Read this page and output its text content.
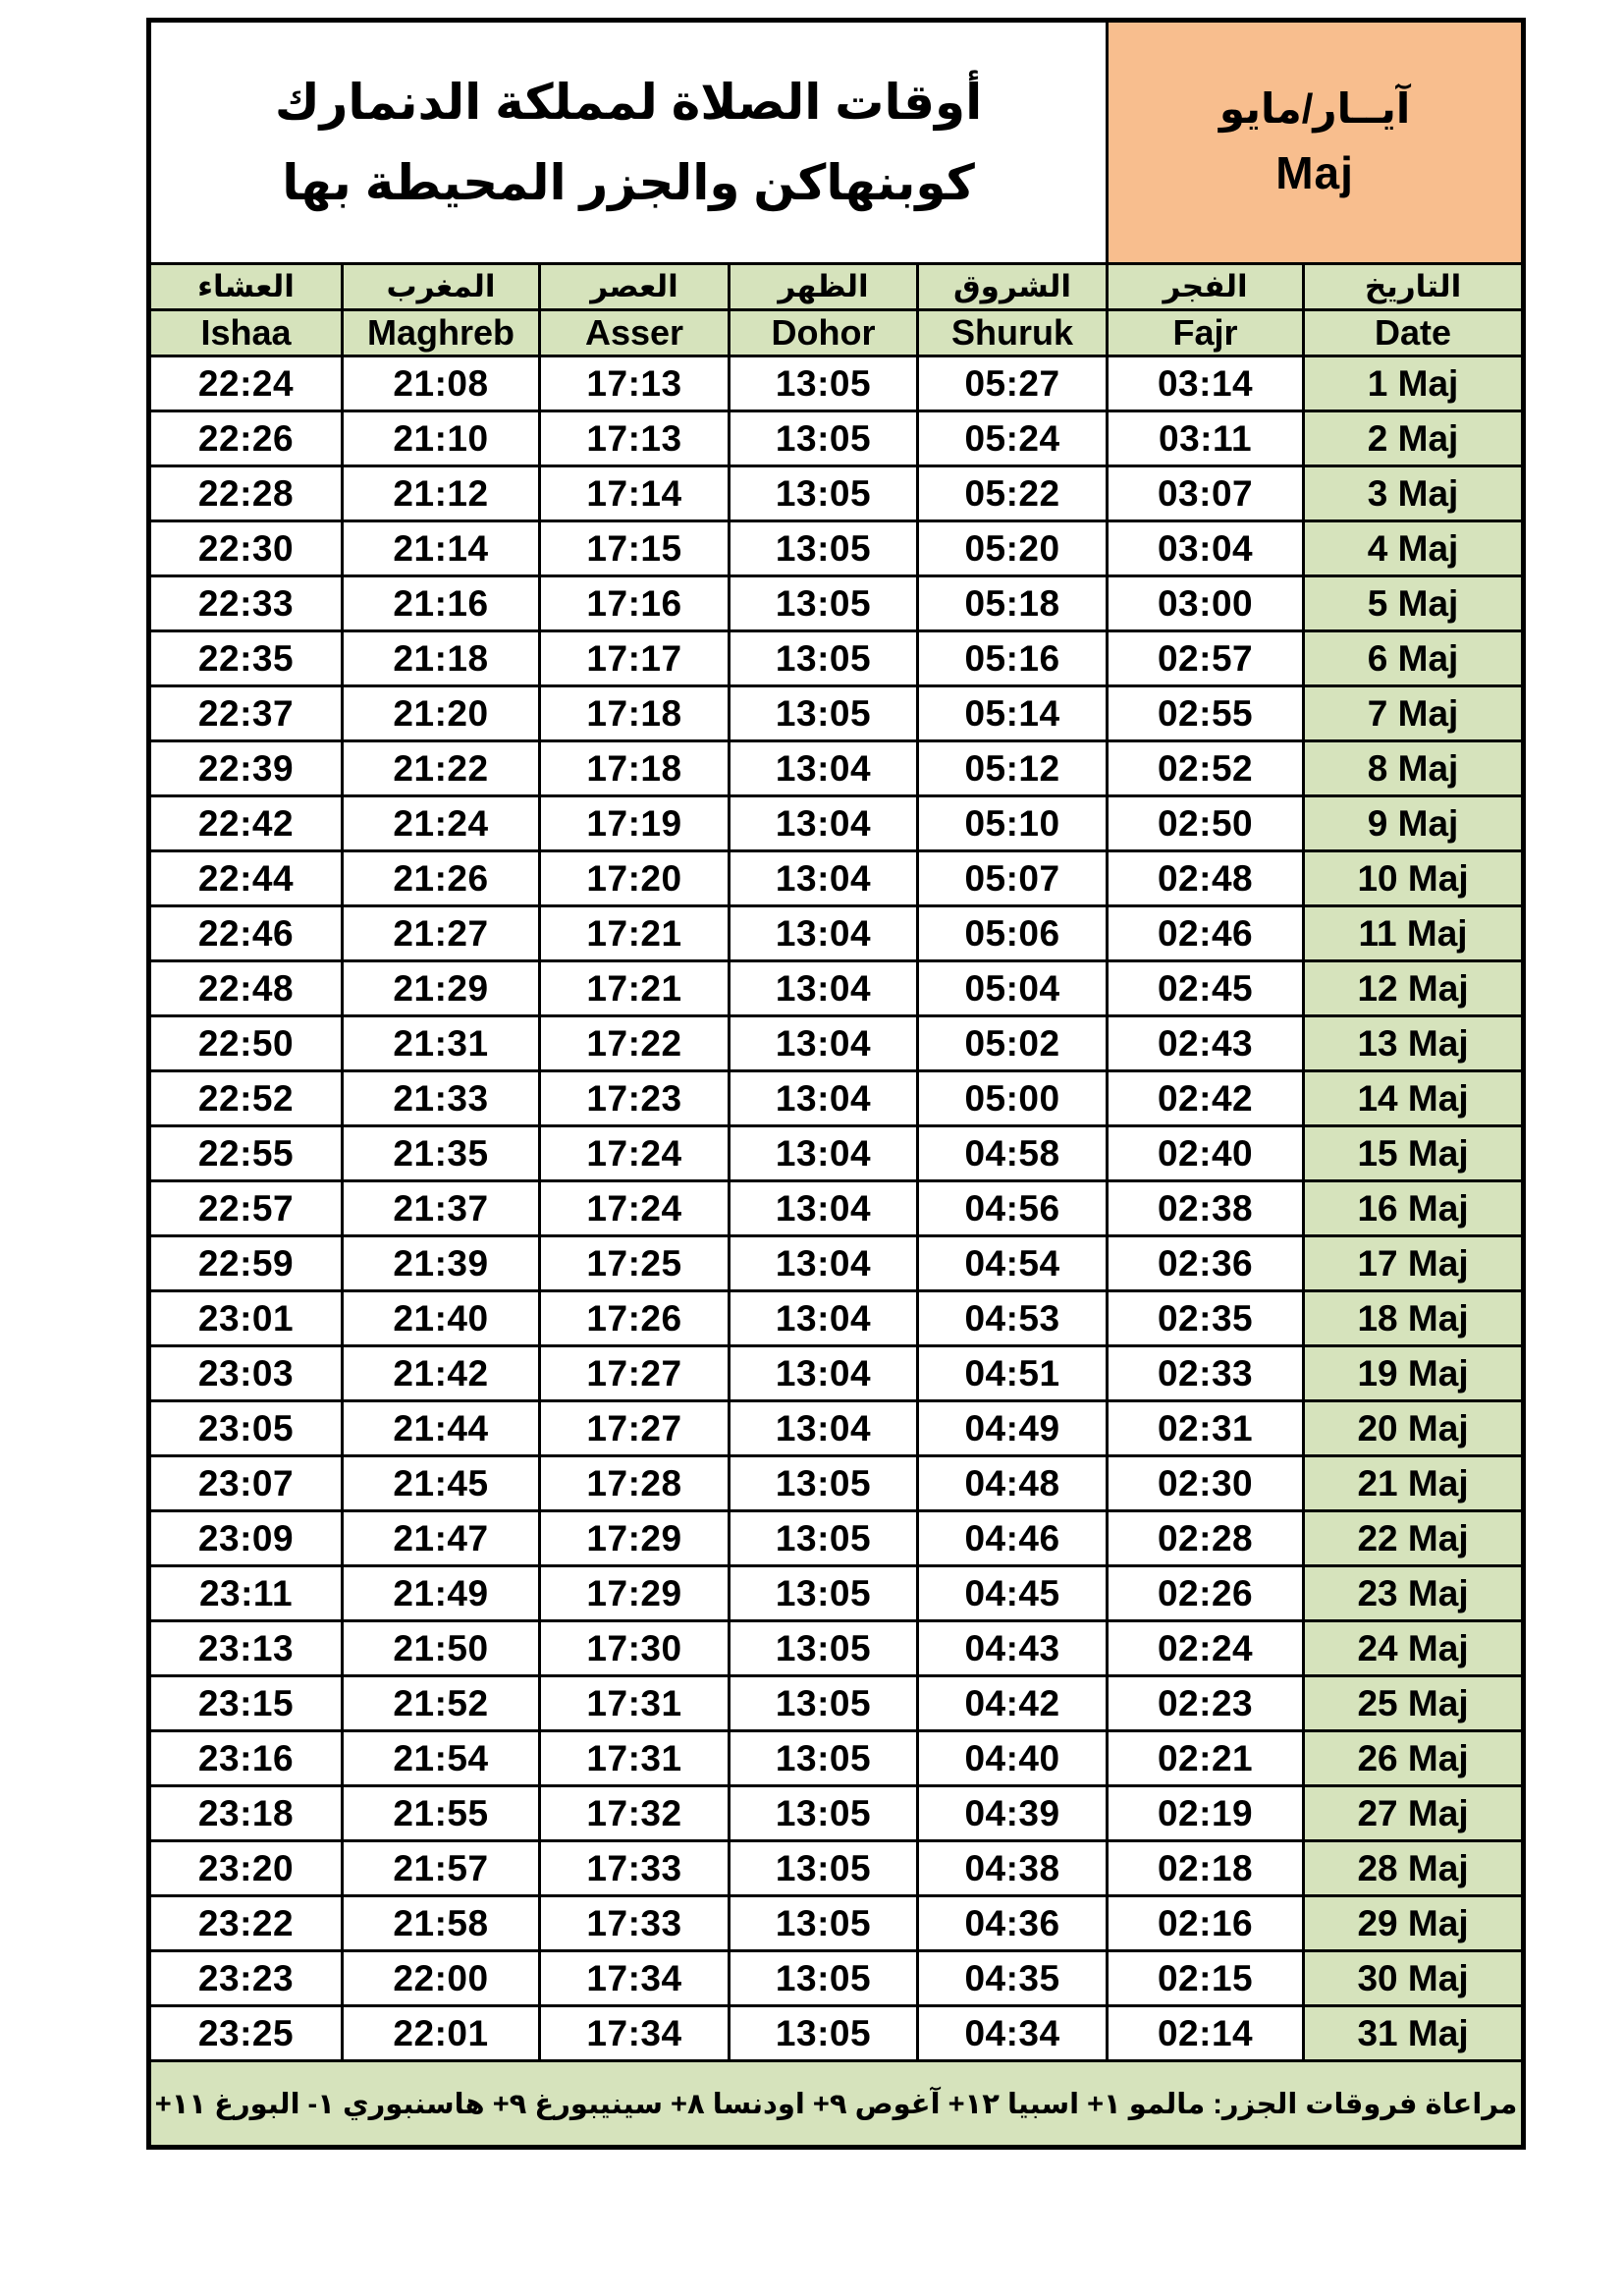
أوقات الصلاة لمملكة الدنمارك
كوبنهاكن والجزر المحيطة بها

آيــار/مايو
Maj

العشاء	المغرب	العصر	الظهر	الشروق	الفجر	التاريخ
Ishaa	Maghreb	Asser	Dohor	Shuruk	Fajr	Date
22:24	21:08	17:13	13:05	05:27	03:14	1 Maj
22:26	21:10	17:13	13:05	05:24	03:11	2 Maj
22:28	21:12	17:14	13:05	05:22	03:07	3 Maj
22:30	21:14	17:15	13:05	05:20	03:04	4 Maj
22:33	21:16	17:16	13:05	05:18	03:00	5 Maj
22:35	21:18	17:17	13:05	05:16	02:57	6 Maj
22:37	21:20	17:18	13:05	05:14	02:55	7 Maj
22:39	21:22	17:18	13:04	05:12	02:52	8 Maj
22:42	21:24	17:19	13:04	05:10	02:50	9 Maj
22:44	21:26	17:20	13:04	05:07	02:48	10 Maj
22:46	21:27	17:21	13:04	05:06	02:46	11 Maj
22:48	21:29	17:21	13:04	05:04	02:45	12 Maj
22:50	21:31	17:22	13:04	05:02	02:43	13 Maj
22:52	21:33	17:23	13:04	05:00	02:42	14 Maj
22:55	21:35	17:24	13:04	04:58	02:40	15 Maj
22:57	21:37	17:24	13:04	04:56	02:38	16 Maj
22:59	21:39	17:25	13:04	04:54	02:36	17 Maj
23:01	21:40	17:26	13:04	04:53	02:35	18 Maj
23:03	21:42	17:27	13:04	04:51	02:33	19 Maj
23:05	21:44	17:27	13:04	04:49	02:31	20 Maj
23:07	21:45	17:28	13:05	04:48	02:30	21 Maj
23:09	21:47	17:29	13:05	04:46	02:28	22 Maj
23:11	21:49	17:29	13:05	04:45	02:26	23 Maj
23:13	21:50	17:30	13:05	04:43	02:24	24 Maj
23:15	21:52	17:31	13:05	04:42	02:23	25 Maj
23:16	21:54	17:31	13:05	04:40	02:21	26 Maj
23:18	21:55	17:32	13:05	04:39	02:19	27 Maj
23:20	21:57	17:33	13:05	04:38	02:18	28 Maj
23:22	21:58	17:33	13:05	04:36	02:16	29 Maj
23:23	22:00	17:34	13:05	04:35	02:15	30 Maj
23:25	22:01	17:34	13:05	04:34	02:14	31 Maj
مراعاة فروقات الجزر: مالمو ١+ اسبيا ١٢+ آغوص ٩+ اودنسا ٨+ سينيبورغ ٩+ هاسنبوري ١- البورغ ١١+						
